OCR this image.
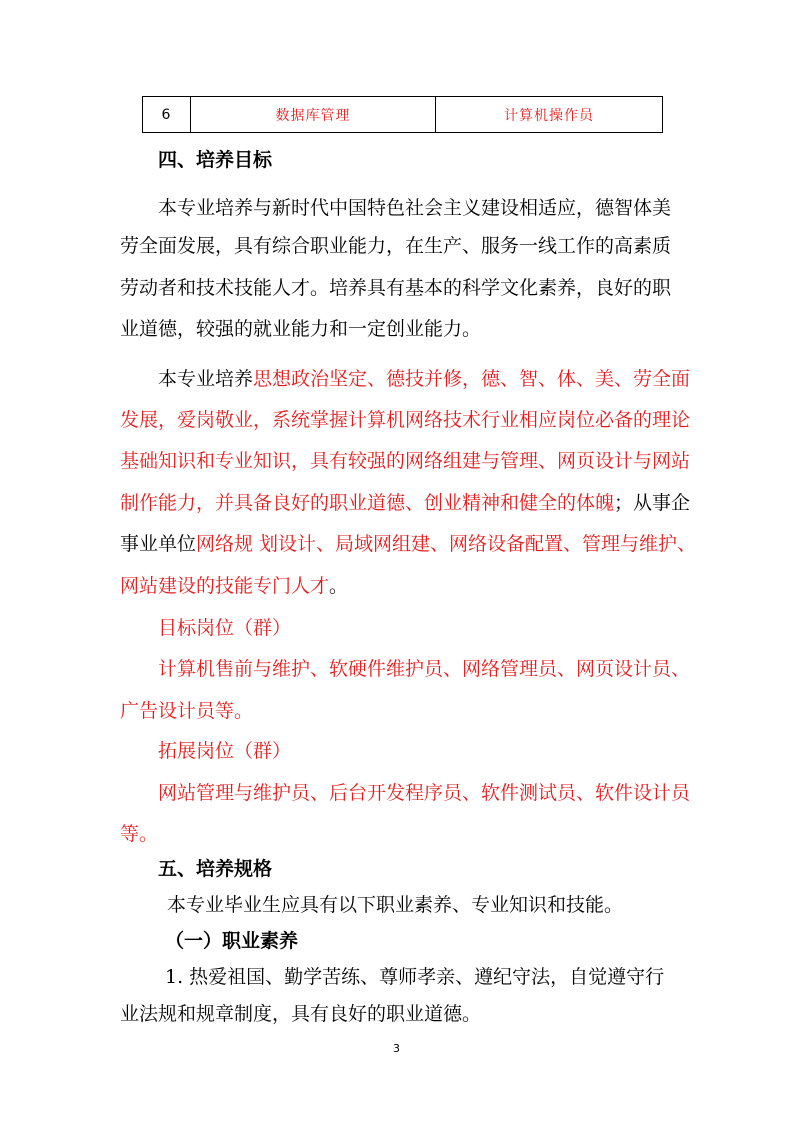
6	数据库管理	计算机操作员
四、培养目标
本专业培养与新时代中国特色社会主义建设相适应，德智体美
劳全面发展，具有综合职业能力，在生产、服务一线工作的高素质
劳动者和技术技能人才。培养具有基本的科学文化素养，良好的职
业道德，较强的就业能力和一定创业能力。
本专业培养思想政治坚定、德技并修，德、智、体、美、劳全面
发展，爱岗敬业，系统掌握计算机网络技术行业相应岗位必备的理论
基础知识和专业知识，具有较强的网络组建与管理、网页设计与网站
制作能力，并具备良好的职业道德、创业精神和健全的体魄；从事企
事业单位网络规 划设计、局域网组建、网络设备配置、管理与维护、
网站建设的技能专门人才。
目标岗位（群）
计算机售前与维护、软硬件维护员、网络管理员、网页设计员、
广告设计员等。
拓展岗位（群）
网站管理与维护员、后台开发程序员、软件测试员、软件设计员
等。
五、培养规格
本专业毕业生应具有以下职业素养、专业知识和技能。
（一）职业素养
1. 热爱祖国、勤学苦练、尊师孝亲、遵纪守法，自觉遵守行
业法规和规章制度，具有良好的职业道德。
3
